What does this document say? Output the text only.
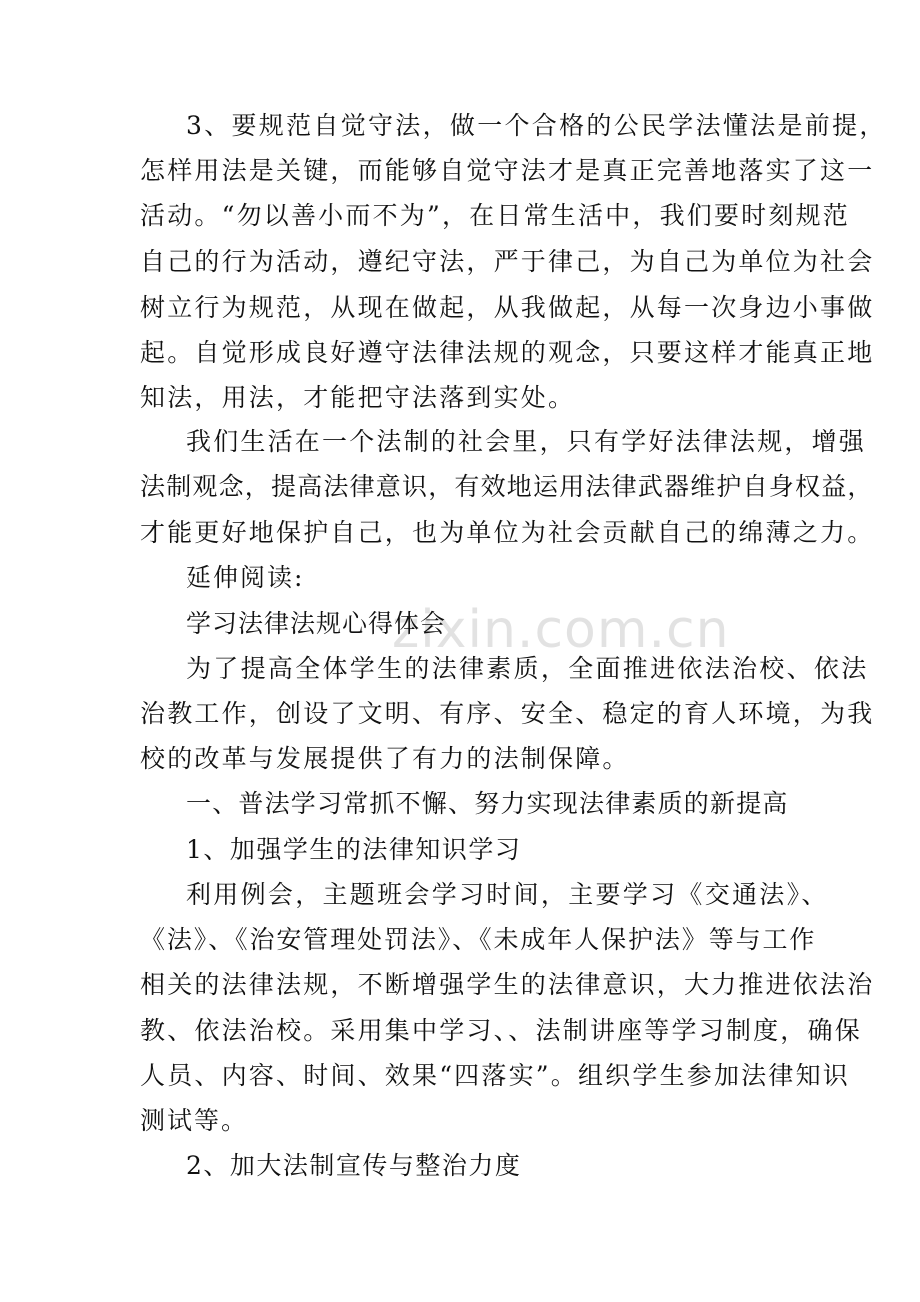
zixin.com.cn
3、要规范自觉守法，做一个合格的公民学法懂法是前提，
怎样用法是关键，而能够自觉守法才是真正完善地落实了这一
活动。“勿以善小而不为”，在日常生活中，我们要时刻规范
自己的行为活动，遵纪守法，严于律己，为自己为单位为社会
树立行为规范，从现在做起，从我做起，从每一次身边小事做
起。自觉形成良好遵守法律法规的观念，只要这样才能真正地
知法，用法，才能把守法落到实处。
我们生活在一个法制的社会里，只有学好法律法规，增强
法制观念，提高法律意识，有效地运用法律武器维护自身权益，
才能更好地保护自己，也为单位为社会贡献自己的绵薄之力。
延伸阅读:
学习法律法规心得体会
为了提高全体学生的法律素质，全面推进依法治校、依法
治教工作，创设了文明、有序、安全、稳定的育人环境，为我
校的改革与发展提供了有力的法制保障。
一、普法学习常抓不懈、努力实现法律素质的新提高
1、加强学生的法律知识学习
利用例会，主题班会学习时间，主要学习《交通法》、
《法》、《治安管理处罚法》、《未成年人保护法》等与工作
相关的法律法规，不断增强学生的法律意识，大力推进依法治
教、依法治校。采用集中学习、、法制讲座等学习制度，确保
人员、内容、时间、效果“四落实”。组织学生参加法律知识
测试等。
2、加大法制宣传与整治力度
